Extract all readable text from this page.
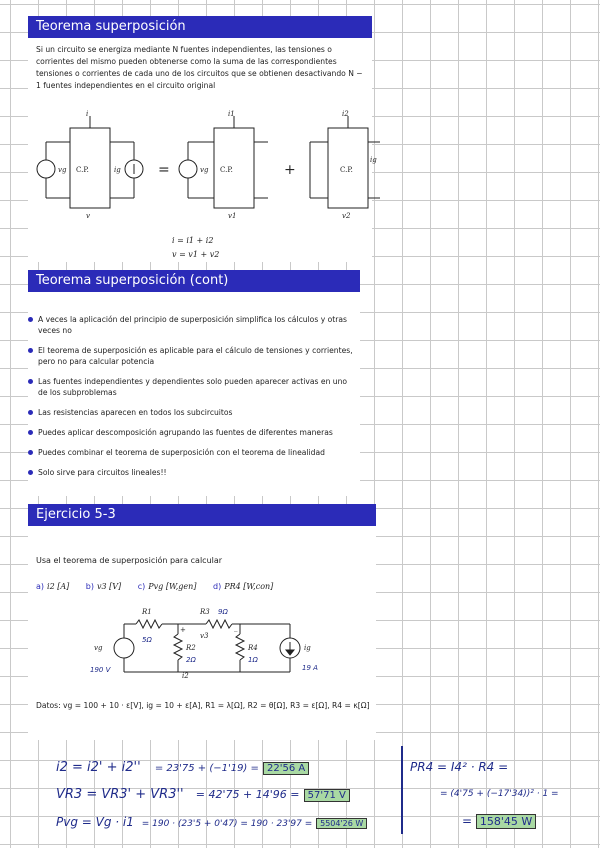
Teorema superposición
Si un circuito se energiza mediante N fuentes independientes, las tensiones o corrientes del mismo pueden obtenerse como la suma de las correspondientes tensiones o corrientes de cada uno de los circuitos que se obtienen desactivando N − 1 fuentes independientes en el circuito original
C.P.
vg	ig
i
v
=	C.P.
vg
i1
v1
+	C.P.
ig
i2
v2
i = i1 + i2
v = v1 + v2
Teorema superposición (cont)
A veces la aplicación del principio de superposición simplifica los cálculos y otras veces no
El teorema de superposición es aplicable para el cálculo de tensiones y corrientes, pero no para calcular potencia
Las fuentes independientes y dependientes solo pueden aparecer activas en uno de los subproblemas
Las resistencias aparecen en todos los subcircuitos
Puedes aplicar descomposición agrupando las fuentes de diferentes maneras
Puedes combinar el teorema de superposición con el teorema de linealidad
Solo sirve para circuitos lineales!!
Ejercicio 5-3
Usa el teorema de superposición para calcular
a) i2 [A] b) v3 [V] c) Pvg [W,gen] d) PR4 [W,con]
R1	R3
R2	R4
vg	ig
v3
+	_
i2
5Ω
9Ω
2Ω	1Ω
190 V	19 A
Datos: vg = 100 + 10 · ε[V], ig = 10 + ε[A], R1 = λ[Ω], R2 = θ[Ω], R3 = ε[Ω], R4 = κ[Ω]
i2 = i2' + i2'' = 23'75 + (−1'19) = 22'56 A
VR3 = VR3' + VR3'' = 42'75 + 14'96 = 57'71 V
Pvg = Vg · i1 = 190 · (23'5 + 0'47) = 190 · 23'97 = 5504'26 W
PR4 = I4² · R4 =
= (4'75 + (−17'34))² · 1 =
= 158'45 W
